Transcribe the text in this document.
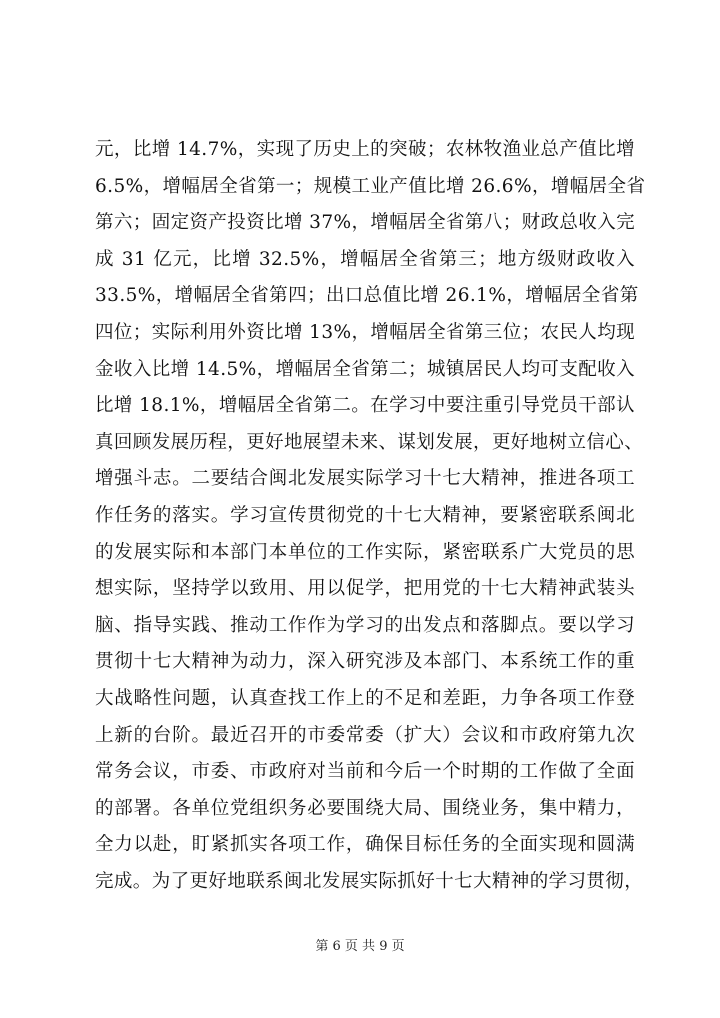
元，比增 14.7%，实现了历史上的突破；农林牧渔业总产值比增
6.5%，增幅居全省第一；规模工业产值比增 26.6%，增幅居全省
第六；固定资产投资比增 37%，增幅居全省第八；财政总收入完
成 31 亿元，比增 32.5%，增幅居全省第三；地方级财政收入
33.5%，增幅居全省第四；出口总值比增 26.1%，增幅居全省第
四位；实际利用外资比增 13%，增幅居全省第三位；农民人均现
金收入比增 14.5%，增幅居全省第二；城镇居民人均可支配收入
比增 18.1%，增幅居全省第二。在学习中要注重引导党员干部认
真回顾发展历程，更好地展望未来、谋划发展，更好地树立信心、
增强斗志。二要结合闽北发展实际学习十七大精神，推进各项工
作任务的落实。学习宣传贯彻党的十七大精神，要紧密联系闽北
的发展实际和本部门本单位的工作实际，紧密联系广大党员的思
想实际，坚持学以致用、用以促学，把用党的十七大精神武装头
脑、指导实践、推动工作作为学习的出发点和落脚点。要以学习
贯彻十七大精神为动力，深入研究涉及本部门、本系统工作的重
大战略性问题，认真查找工作上的不足和差距，力争各项工作登
上新的台阶。最近召开的市委常委（扩大）会议和市政府第九次
常务会议，市委、市政府对当前和今后一个时期的工作做了全面
的部署。各单位党组织务必要围绕大局、围绕业务，集中精力，
全力以赴，盯紧抓实各项工作，确保目标任务的全面实现和圆满
完成。为了更好地联系闽北发展实际抓好十七大精神的学习贯彻，
第 6 页 共 9 页
